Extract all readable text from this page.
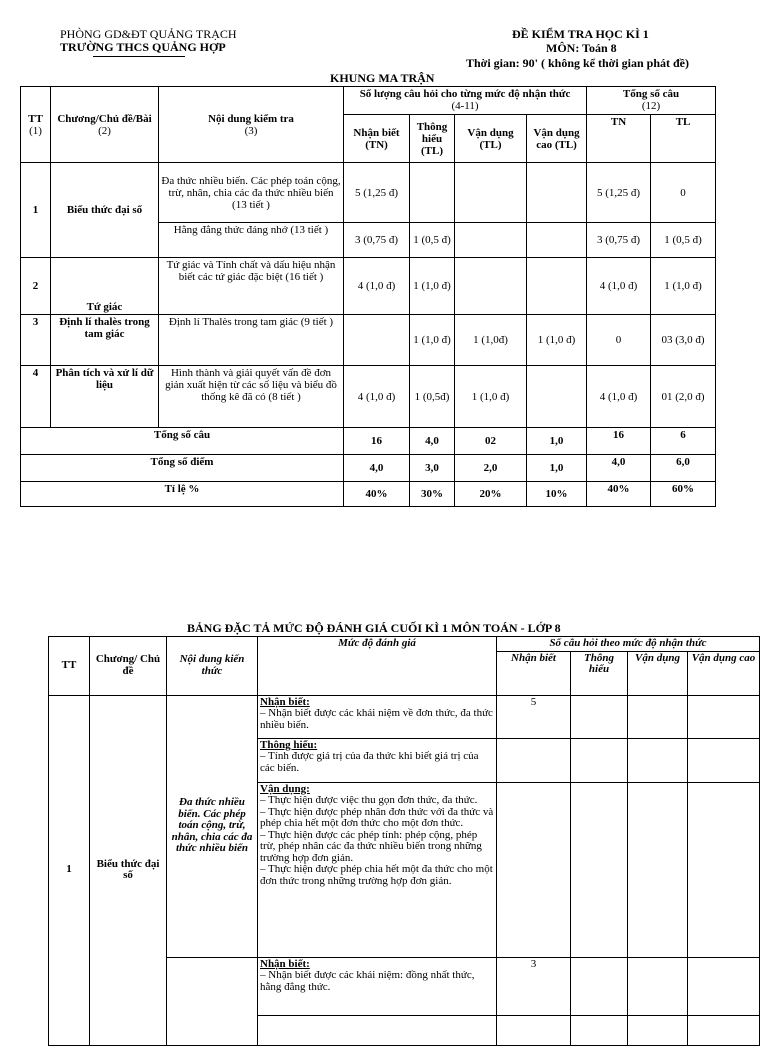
PHÒNG GD&ĐT QUẢNG TRẠCH
TRƯỜNG THCS QUẢNG HỢP
ĐỀ KIỂM TRA HỌC KÌ 1
MÔN: Toán 8
Thời gian: 90' ( không kể thời gian phát đề)
KHUNG MA TRẬN
TT
(1)	Chương/Chủ đề/Bài
(2)	Nội dung kiểm tra
(3)	Số lượng câu hỏi cho từng mức độ nhận thức
(4-11)				Tổng số câu
(12)	

			Nhận biết (TN)	Thông hiểu (TL)	Vận dụng (TL)	Vận dụng cao (TL)	TN	TL
1	Biểu thức đại số	Đa thức nhiều biến. Các phép toán cộng, trừ, nhân, chia các đa thức nhiều biến (13 tiết )	5 (1,25 đ)				5 (1,25 đ)	0
		Hằng đẳng thức đáng nhớ (13 tiết )	3 (0,75 đ)	1 (0,5 đ)			3 (0,75 đ)	1 (0,5 đ)
2	Tứ giác	Tứ giác và Tính chất và dấu hiệu nhận biết các tứ giác đặc biệt (16 tiết )	4 (1,0 đ)	1 (1,0 đ)			4 (1,0 đ)	1 (1,0 đ)
3	Định lí thalès trong tam giác	Định lí Thalès trong tam giác (9 tiết )		1 (1,0 đ)	1 (1,0đ)	1 (1,0 đ)	0	03 (3,0 đ)
4	Phân tích và xử lí dữ liệu	Hình thành và giải quyết vấn đề đơn giản xuất hiện từ các số liệu và biểu đồ thống kê đã có (8 tiết )	4 (1,0 đ)	1 (0,5đ)	1 (1,0 đ)		4 (1,0 đ)	01 (2,0 đ)
Tổng số câu			16	4,0	02	1,0	16	6
Tổng số điểm			4,0	3,0	2,0	1,0	4,0	6,0
Tỉ lệ %			40%	30%	20%	10%	40%	60%
BẢNG ĐẶC TẢ MỨC ĐỘ ĐÁNH GIÁ CUỐI KÌ 1 MÔN TOÁN - LỚP 8
TT	Chương/ Chủ đề	Nội dung kiến thức	Mức độ đánh giá	Số câu hỏi theo mức độ nhận thức			
				Nhận biết	Thông hiểu	Vận dụng	Vận dụng cao
1	Biểu thức đại số	Đa thức nhiều biến. Các phép toán cộng, trừ, nhân, chia các đa thức nhiều biến	Nhận biết:
– Nhận biết được các khái niệm về đơn thức, đa thức nhiều biến.	5			

			Thông hiểu:
– Tính được giá trị của đa thức khi biết giá trị của các biến.				

			Vận dụng:
– Thực hiện được việc thu gọn đơn thức, đa thức.
– Thực hiện được phép nhân đơn thức với đa thức và phép chia hết một đơn thức cho một đơn thức.
– Thực hiện được các phép tính: phép cộng, phép trừ, phép nhân các đa thức nhiều biến trong những trường hợp đơn giản.
– Thực hiện được phép chia hết một đa thức cho một đơn thức trong những trường hợp đơn giản.				

			Nhận biết:
– Nhận biết được các khái niệm: đồng nhất thức, hằng đẳng thức.	3			
